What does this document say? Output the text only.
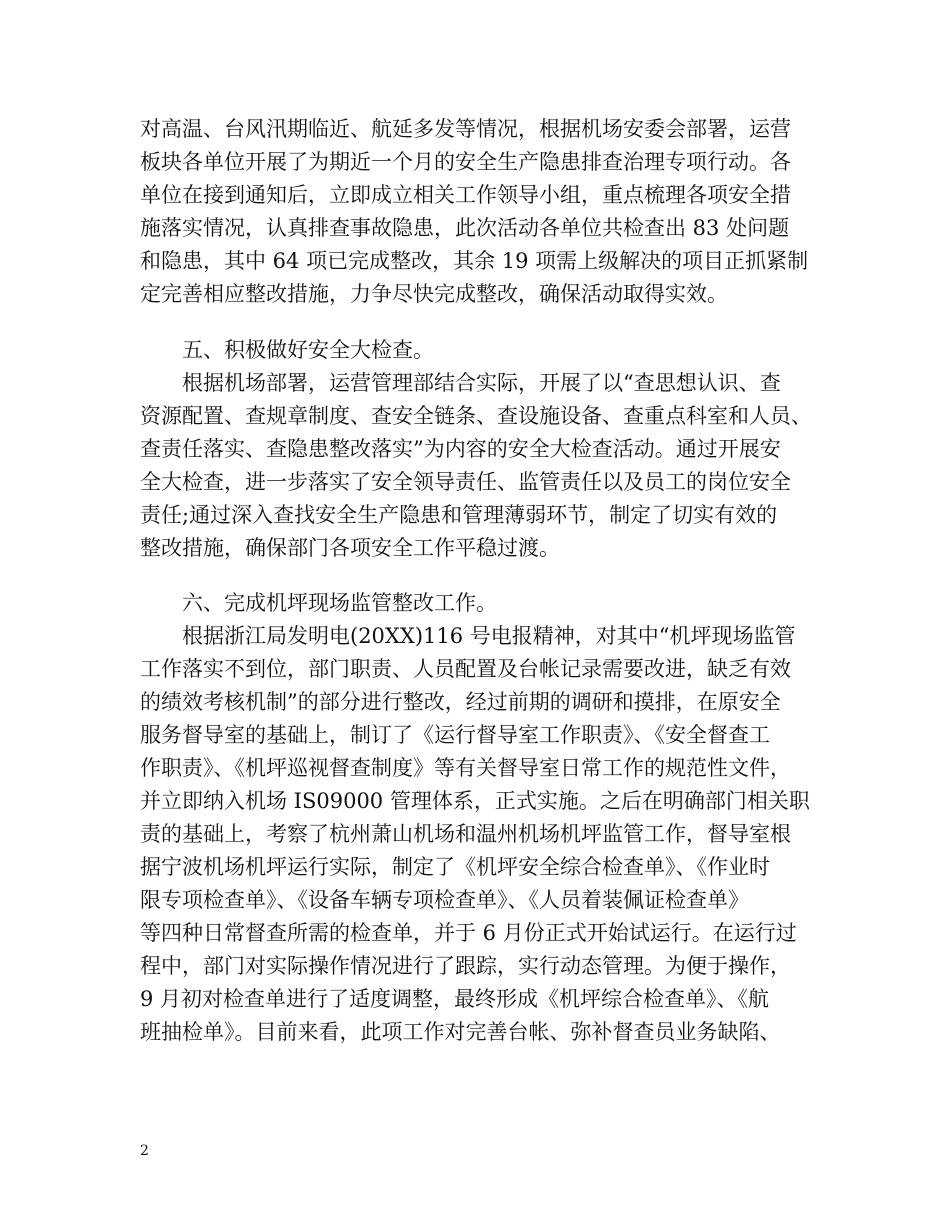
对高温、台风汛期临近、航延多发等情况，根据机场安委会部署，运营
板块各单位开展了为期近一个月的安全生产隐患排查治理专项行动。各
单位在接到通知后，立即成立相关工作领导小组，重点梳理各项安全措
施落实情况，认真排查事故隐患，此次活动各单位共检查出 83 处问题
和隐患，其中 64 项已完成整改，其余 19 项需上级解决的项目正抓紧制
定完善相应整改措施，力争尽快完成整改，确保活动取得实效。
　　五、积极做好安全大检查。
　　根据机场部署，运营管理部结合实际，开展了以“查思想认识、查
资源配置、查规章制度、查安全链条、查设施设备、查重点科室和人员、
查责任落实、查隐患整改落实”为内容的安全大检查活动。通过开展安
全大检查，进一步落实了安全领导责任、监管责任以及员工的岗位安全
责任;通过深入查找安全生产隐患和管理薄弱环节，制定了切实有效的
整改措施，确保部门各项安全工作平稳过渡。
　　六、完成机坪现场监管整改工作。
　　根据浙江局发明电(20XX)116 号电报精神，对其中“机坪现场监管
工作落实不到位，部门职责、人员配置及台帐记录需要改进，缺乏有效
的绩效考核机制”的部分进行整改，经过前期的调研和摸排，在原安全
服务督导室的基础上，制订了《运行督导室工作职责》、《安全督查工
作职责》、《机坪巡视督查制度》等有关督导室日常工作的规范性文件，
并立即纳入机场 IS09000 管理体系，正式实施。之后在明确部门相关职
责的基础上，考察了杭州萧山机场和温州机场机坪监管工作，督导室根
据宁波机场机坪运行实际，制定了《机坪安全综合检查单》、《作业时
限专项检查单》、《设备车辆专项检查单》、《人员着装佩证检查单》
等四种日常督查所需的检查单，并于 6 月份正式开始试运行。在运行过
程中，部门对实际操作情况进行了跟踪，实行动态管理。为便于操作，
9 月初对检查单进行了适度调整，最终形成《机坪综合检查单》、《航
班抽检单》。目前来看，此项工作对完善台帐、弥补督查员业务缺陷、
2
